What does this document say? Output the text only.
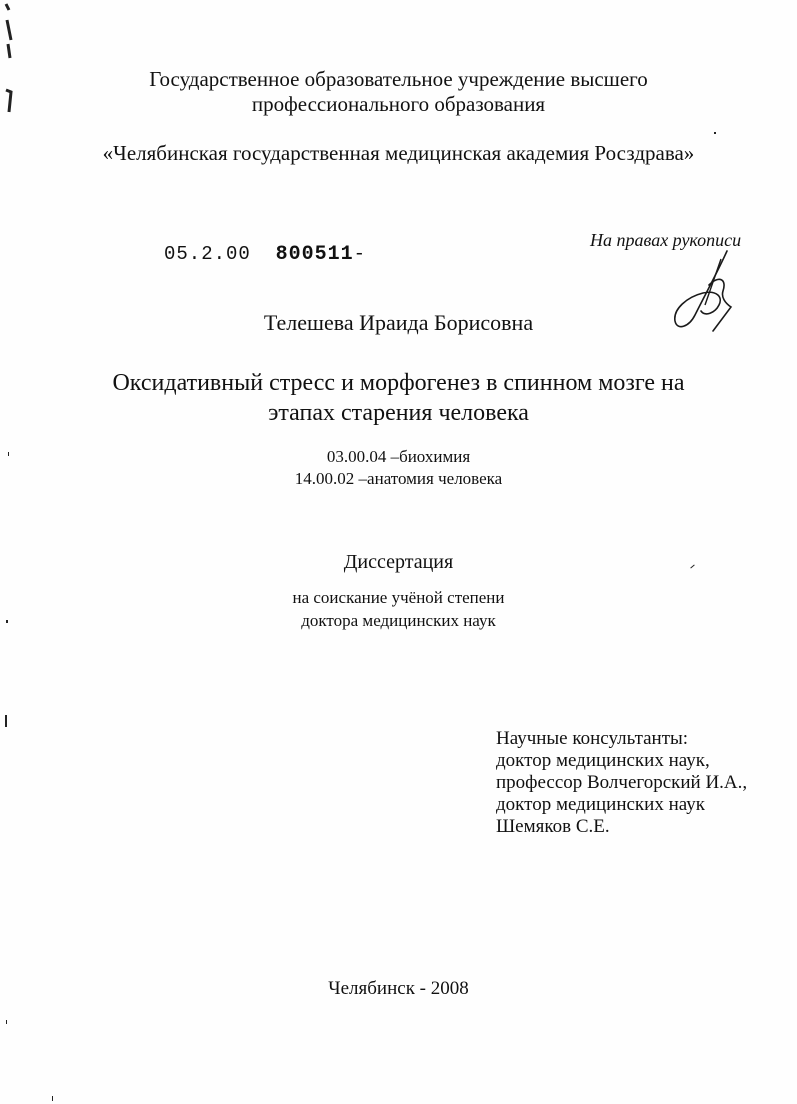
Государственное образовательное учреждение высшего
профессионального образования
«Челябинская государственная медицинская академия Росздрава»
05.2.00 800511-
На правах рукописи
Телешева Ираида Борисовна
Оксидативный стресс и морфогенез в спинном мозге на
этапах старения человека
03.00.04 –биохимия
14.00.02 –анатомия человека
Диссертация
на соискание учёной степени
доктора медицинских наук
Научные консультанты:
доктор медицинских наук,
профессор Волчегорский И.А.,
доктор медицинских наук
Шемяков С.Е.
Челябинск - 2008
